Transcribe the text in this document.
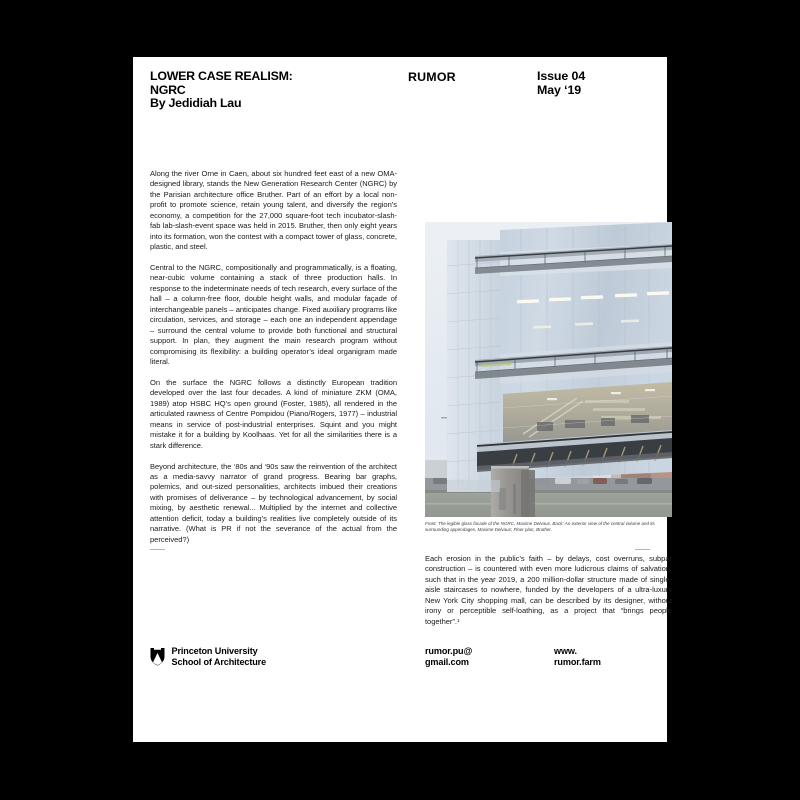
LOWER CASE REALISM:
NGRC
By Jedidiah Lau
RUMOR	Issue 04
May ‘19

Along the river Orne in Caen, about six hundred feet east of a new OMA-designed library, stands the New Generation Research Center (NGRC) by the Parisian architecture office Bruther. Part of an effort by a local non-profit to promote science, retain young talent, and diversify the region’s economy, a competition for the 27,000 square-foot tech incubator-slash-fab lab-slash-event space was held in 2015. Bruther, then only eight years into its formation, won the contest with a compact tower of glass, concrete, plastic, and steel.

Central to the NGRC, compositionally and programmatically, is a floating, near-cubic volume containing a stack of three production halls. In response to the indeterminate needs of tech research, every surface of the hall – a column-free floor, double height walls, and modular façade of interchangeable panels – anticipates change. Fixed auxiliary programs like circulation, services, and storage – each one an independent appendage – surround the central volume to provide both functional and structural support. In plan, they augment the main research program without compromising its flexibility: a building operator’s ideal organigram made literal.

On the surface the NGRC follows a distinctly European tradition developed over the last four decades. A kind of miniature ZKM (OMA, 1989) atop HSBC HQ’s open ground (Foster, 1985), all rendered in the articulated rawness of Centre Pompidou (Piano/Rogers, 1977) – industrial means in service of post-industrial enterprises. Squint and you might mistake it for a building by Koolhaas. Yet for all the similarities there is a stark difference.

Beyond architecture, the ‘80s and ‘90s saw the reinvention of the architect as a media-savvy narrator of grand progress. Bearing bar graphs, polemics, and out-sized personalities, architects imbued their creations with promises of deliverance – by technological advancement, by social mixing, by aesthetic renewal... Multiplied by the internet and collective attention deficit, today a building’s realities live completely outside of its narrative. (What is PR if not the severance of the actual from the perceived?)

Front: The legible glass facade of the NGRC, Maxime Delvaux. Back: An exterior view of the central volume and its surrounding appendages, Maxime Delvaux; Floor plan, Bruther.

Each erosion in the public’s faith – by delays, cost overruns, subpar construction – is countered with even more ludicrous claims of salvation, such that in the year 2019, a 200 million-dollar structure made of single-aisle staircases to nowhere, funded by the developers of a ultra-luxury New York City shopping mall, can be described by its designer, without irony or perceptible self-loathing, as a project that “brings people together”.¹

Princeton University
School of Architecture
rumor.pu@
gmail.com
www.
rumor.farm
